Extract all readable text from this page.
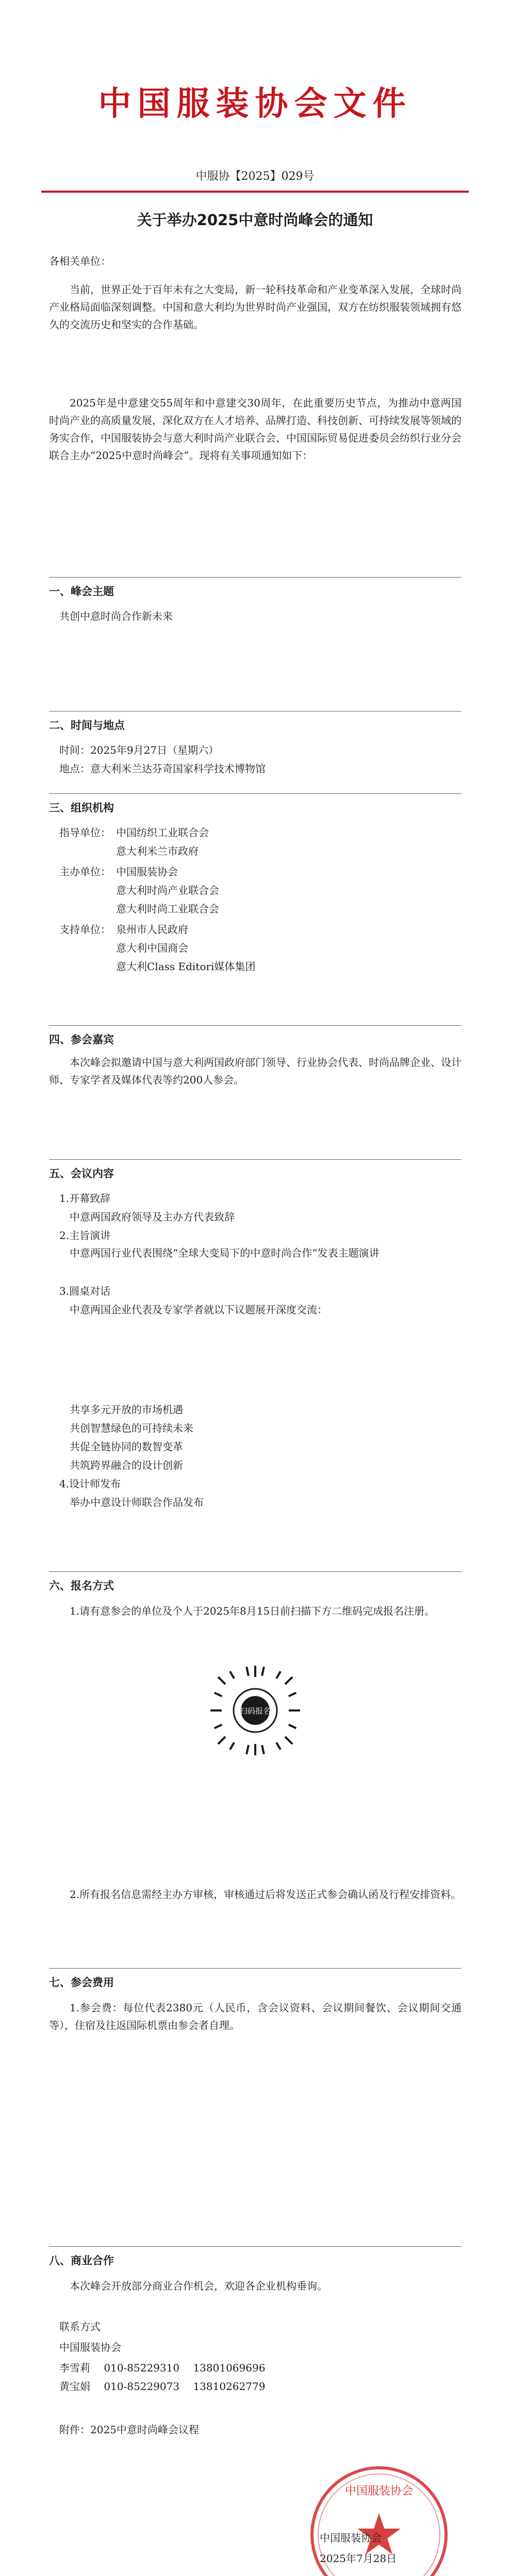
中国服装协会文件
中服协【2025】029号
关于举办2025中意时尚峰会的通知

各相关单位：

当前，世界正处于百年未有之大变局，新一轮科技革命和产业变革深入发展，全球时尚产业格局面临深刻调整。中国和意大利均为世界时尚产业强国，双方在纺织服装领域拥有悠久的交流历史和坚实的合作基础。

2025年是中意建交55周年和中意建交30周年，在此重要历史节点，为推动中意两国时尚产业的高质量发展，深化双方在人才培养、品牌打造、科技创新、可持续发展等领域的务实合作，中国服装协会与意大利时尚产业联合会、中国国际贸易促进委员会纺织行业分会联合主办“2025中意时尚峰会”。现将有关事项通知如下：

一、峰会主题
共创中意时尚合作新未来
二、时间与地点
时间：2025年9月27日（星期六）
地点：意大利米兰达芬奇国家科学技术博物馆
三、组织机构
指导单位： 中国纺织工业联合会
意大利米兰市政府
主办单位： 中国服装协会
意大利时尚产业联合会
意大利时尚工业联合会
支持单位： 泉州市人民政府
意大利中国商会
意大利Class Editori媒体集团
四、参会嘉宾

本次峰会拟邀请中国与意大利两国政府部门领导、行业协会代表、时尚品牌企业、设计师、专家学者及媒体代表等约200人参会。

五、会议内容
1.开幕致辞
中意两国政府领导及主办方代表致辞
2.主旨演讲

中意两国行业代表围绕“全球大变局下的中意时尚合作”发表主题演讲

3.圆桌对话
中意两国企业代表及专家学者就以下议题展开深度交流：
共享多元开放的市场机遇
共创智慧绿色的可持续未来
共促全链协同的数智变革
共筑跨界融合的设计创新
4.设计师发布
举办中意设计师联合作品发布
六、报名方式

1.请有意参会的单位及个人于2025年8月15日前扫描下方二维码完成报名注册。

扫码报名

2.所有报名信息需经主办方审核，审核通过后将发送正式参会确认函及行程安排资料。

七、参会费用

1.参会费：每位代表2380元（人民币，含会议资料、会议期间餐饮、会议期间交通等），住宿及往返国际机票由参会者自理。

八、商业合作

本次峰会开放部分商业合作机会，欢迎各企业机构垂询。

联系方式
中国服装协会
李雪莉 010-85229310 13801069696
黄宝娟 010-85229073 13810262779
附件：2025中意时尚峰会议程
中国服装协会
中国服装协会
2025年7月28日
